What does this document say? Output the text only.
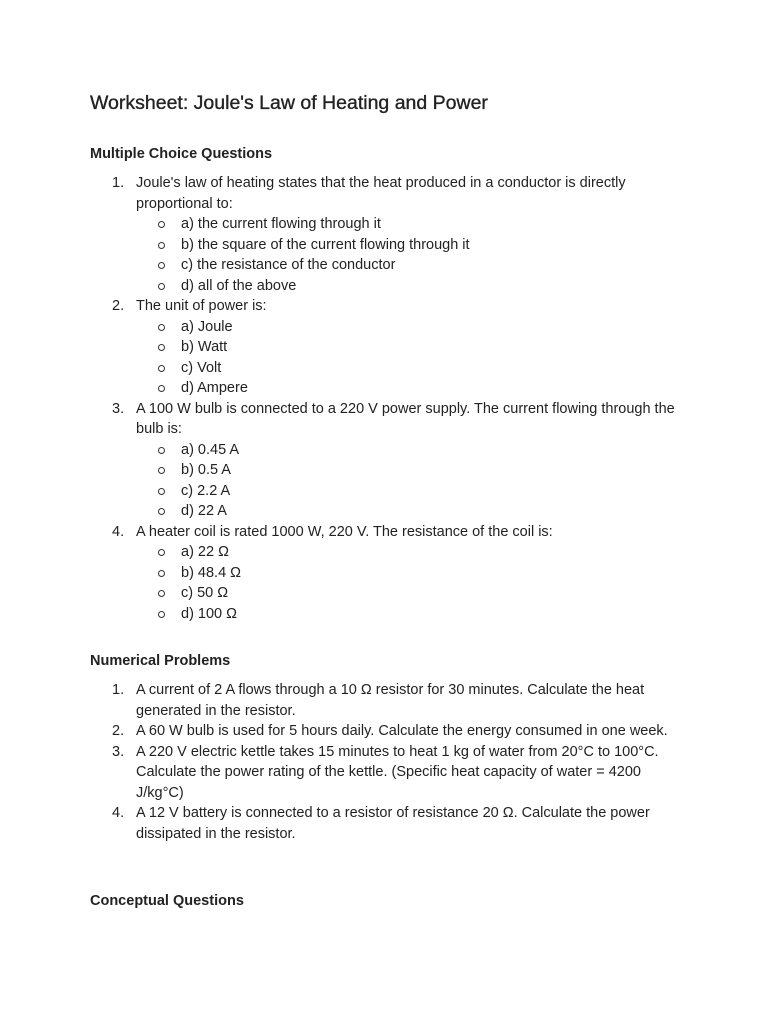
Worksheet: Joule's Law of Heating and Power
Multiple Choice Questions
1. Joule's law of heating states that the heat produced in a conductor is directly proportional to:
a) the current flowing through it
b) the square of the current flowing through it
c) the resistance of the conductor
d) all of the above
2. The unit of power is:
a) Joule
b) Watt
c) Volt
d) Ampere
3. A 100 W bulb is connected to a 220 V power supply. The current flowing through the bulb is:
a) 0.45 A
b) 0.5 A
c) 2.2 A
d) 22 A
4. A heater coil is rated 1000 W, 220 V. The resistance of the coil is:
a) 22 Ω
b) 48.4 Ω
c) 50 Ω
d) 100 Ω
Numerical Problems
1. A current of 2 A flows through a 10 Ω resistor for 30 minutes. Calculate the heat generated in the resistor.
2. A 60 W bulb is used for 5 hours daily. Calculate the energy consumed in one week.
3. A 220 V electric kettle takes 15 minutes to heat 1 kg of water from 20°C to 100°C. Calculate the power rating of the kettle. (Specific heat capacity of water = 4200 J/kg°C)
4. A 12 V battery is connected to a resistor of resistance 20 Ω. Calculate the power dissipated in the resistor.
Conceptual Questions
